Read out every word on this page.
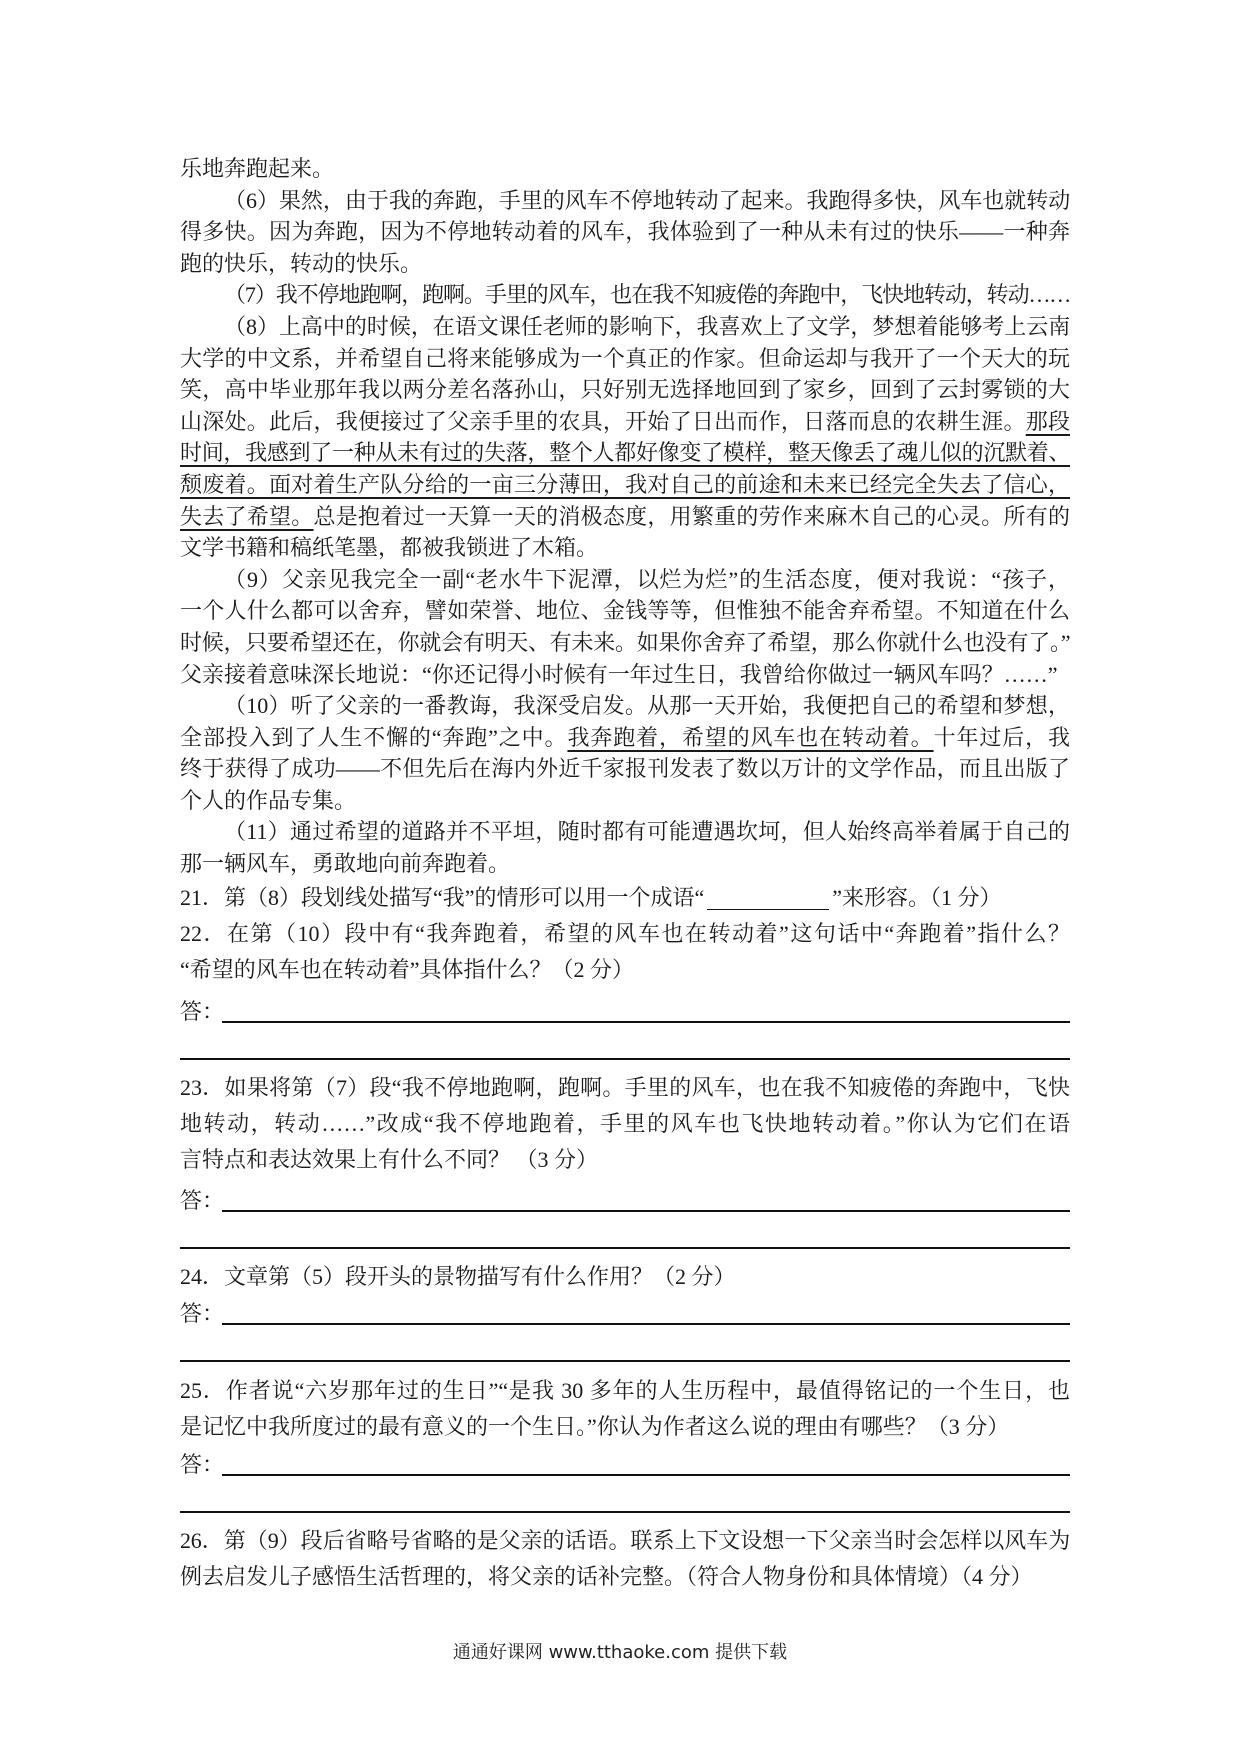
乐地奔跑起来。
（6）果然，由于我的奔跑，手里的风车不停地转动了起来。我跑得多快，风车也就转动
得多快。因为奔跑，因为不停地转动着的风车，我体验到了一种从未有过的快乐——一种奔
跑的快乐，转动的快乐。
（7）我不停地跑啊，跑啊。手里的风车，也在我不知疲倦的奔跑中，飞快地转动，转动……
（8）上高中的时候，在语文课任老师的影响下，我喜欢上了文学，梦想着能够考上云南
大学的中文系，并希望自己将来能够成为一个真正的作家。但命运却与我开了一个天大的玩
笑，高中毕业那年我以两分差名落孙山，只好别无选择地回到了家乡，回到了云封雾锁的大
山深处。此后，我便接过了父亲手里的农具，开始了日出而作，日落而息的农耕生涯。那段
时间，我感到了一种从未有过的失落，整个人都好像变了模样，整天像丢了魂儿似的沉默着、
颓废着。面对着生产队分给的一亩三分薄田，我对自己的前途和未来已经完全失去了信心，
失去了希望。总是抱着过一天算一天的消极态度，用繁重的劳作来麻木自己的心灵。所有的
文学书籍和稿纸笔墨，都被我锁进了木箱。
（9）父亲见我完全一副“老水牛下泥潭，以烂为烂”的生活态度，便对我说：“孩子，
一个人什么都可以舍弃，譬如荣誉、地位、金钱等等，但惟独不能舍弃希望。不知道在什么
时候，只要希望还在，你就会有明天、有未来。如果你舍弃了希望，那么你就什么也没有了。”
父亲接着意味深长地说：“你还记得小时候有一年过生日，我曾给你做过一辆风车吗？……”
（10）听了父亲的一番教诲，我深受启发。从那一天开始，我便把自己的希望和梦想，
全部投入到了人生不懈的“奔跑”之中。我奔跑着，希望的风车也在转动着。十年过后，我
终于获得了成功——不但先后在海内外近千家报刊发表了数以万计的文学作品，而且出版了
个人的作品专集。
（11）通过希望的道路并不平坦，随时都有可能遭遇坎坷，但人始终高举着属于自己的
那一辆风车，勇敢地向前奔跑着。
21．第（8）段划线处描写“我”的情形可以用一个成语“	”来形容。（1 分）
22．在第（10）段中有“我奔跑着，希望的风车也在转动着”这句话中“奔跑着”指什么？
“希望的风车也在转动着”具体指什么？（2 分）
答：
23．如果将第（7）段“我不停地跑啊，跑啊。手里的风车，也在我不知疲倦的奔跑中，飞快
地转动，转动……”改成“我不停地跑着，手里的风车也飞快地转动着。”你认为它们在语
言特点和表达效果上有什么不同？ （3 分）
答：
24．文章第（5）段开头的景物描写有什么作用？（2 分）
答：
25．作者说“六岁那年过的生日”“是我 30 多年的人生历程中，最值得铭记的一个生日，也
是记忆中我所度过的最有意义的一个生日。”你认为作者这么说的理由有哪些？（3 分）
答：
26．第（9）段后省略号省略的是父亲的话语。联系上下文设想一下父亲当时会怎样以风车为
例去启发儿子感悟生活哲理的，将父亲的话补完整。（符合人物身份和具体情境）（4 分）
通通好课网 www.tthaoke.com 提供下载
